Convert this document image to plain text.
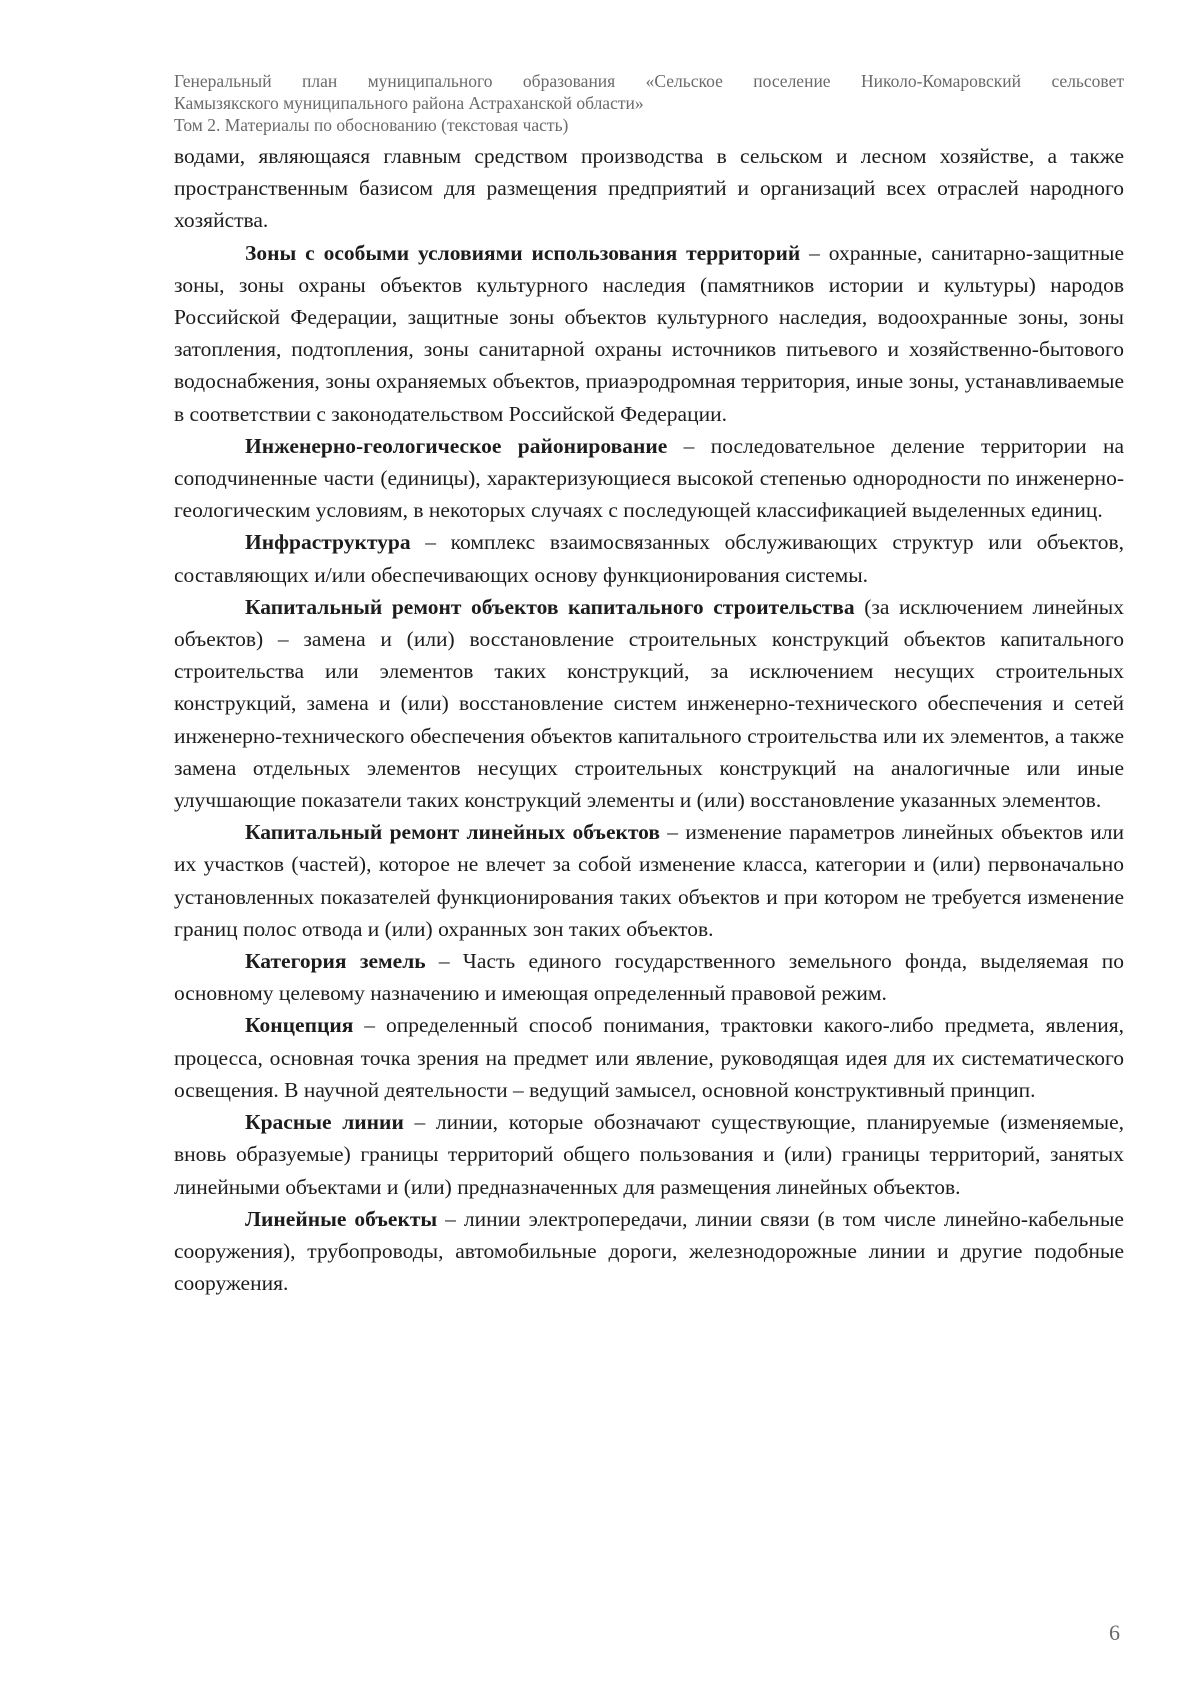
Генеральный план муниципального образования «Сельское поселение Николо-Комаровский сельсовет
Камызякского муниципального района Астраханской области»
Том 2. Материалы по обоснованию (текстовая часть)

водами, являющаяся главным средством производства в сельском и лесном хозяйстве, а также пространственным базисом для размещения предприятий и организаций всех отраслей народного хозяйства.

Зоны с особыми условиями использования территорий – охранные, санитарно-защитные зоны, зоны охраны объектов культурного наследия (памятников истории и культуры) народов Российской Федерации, защитные зоны объектов культурного наследия, водоохранные зоны, зоны затопления, подтопления, зоны санитарной охраны источников питьевого и хозяйственно-бытового водоснабжения, зоны охраняемых объектов, приаэродромная территория, иные зоны, устанавливаемые в соответствии с законодательством Российской Федерации.

Инженерно-геологическое районирование – последовательное деление территории на соподчиненные части (единицы), характеризующиеся высокой степенью однородности по инженерно-геологическим условиям, в некоторых случаях с последующей классификацией выделенных единиц.

Инфраструктура – комплекс взаимосвязанных обслуживающих структур или объектов, составляющих и/или обеспечивающих основу функционирования системы.

Капитальный ремонт объектов капитального строительства (за исключением линейных объектов) – замена и (или) восстановление строительных конструкций объектов капитального строительства или элементов таких конструкций, за исключением несущих строительных конструкций, замена и (или) восстановление систем инженерно-технического обеспечения и сетей инженерно-технического обеспечения объектов капитального строительства или их элементов, а также замена отдельных элементов несущих строительных конструкций на аналогичные или иные улучшающие показатели таких конструкций элементы и (или) восстановление указанных элементов.

Капитальный ремонт линейных объектов – изменение параметров линейных объектов или их участков (частей), которое не влечет за собой изменение класса, категории и (или) первоначально установленных показателей функционирования таких объектов и при котором не требуется изменение границ полос отвода и (или) охранных зон таких объектов.

Категория земель – Часть единого государственного земельного фонда, выделяемая по основному целевому назначению и имеющая определенный правовой режим.

Концепция – определенный способ понимания, трактовки какого-либо предмета, явления, процесса, основная точка зрения на предмет или явление, руководящая идея для их систематического освещения. В научной деятельности – ведущий замысел, основной конструктивный принцип.

Красные линии – линии, которые обозначают существующие, планируемые (изменяемые, вновь образуемые) границы территорий общего пользования и (или) границы территорий, занятых линейными объектами и (или) предназначенных для размещения линейных объектов.

Линейные объекты – линии электропередачи, линии связи (в том числе линейно-кабельные сооружения), трубопроводы, автомобильные дороги, железнодорожные линии и другие подобные сооружения.

6
